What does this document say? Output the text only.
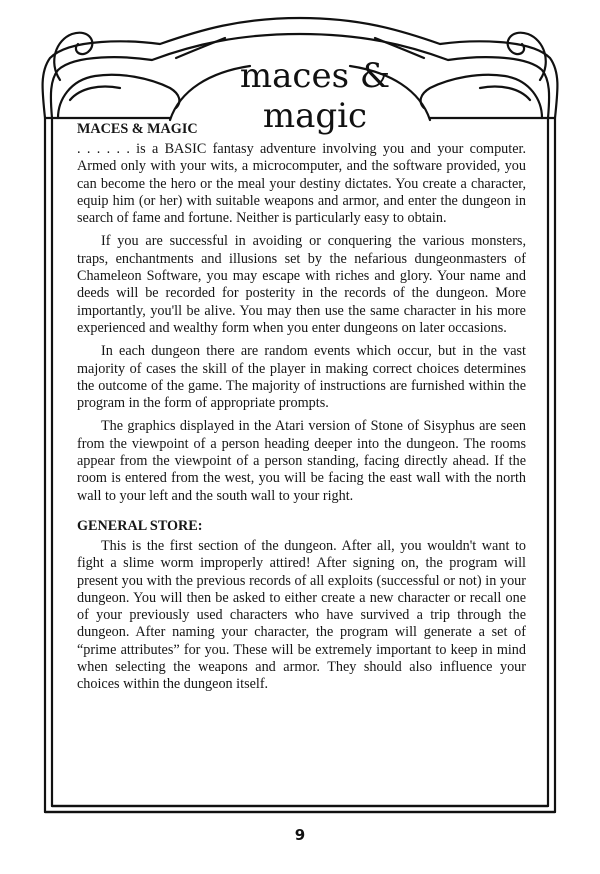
maces & magic
MACES & MAGIC

. . . . . . is a BASIC fantasy adventure involving you and your computer. Armed only with your wits, a microcomputer, and the software provided, you can become the hero or the meal your destiny dictates. You create a character, equip him (or her) with suitable weapons and armor, and enter the dungeon in search of fame and fortune. Neither is particularly easy to obtain.

If you are successful in avoiding or conquering the various monsters, traps, enchantments and illusions set by the nefarious dungeonmasters of Chameleon Software, you may escape with riches and glory. Your name and deeds will be recorded for posterity in the records of the dungeon. More importantly, you'll be alive. You may then use the same character in his more experienced and wealthy form when you enter dungeons on later occasions.

In each dungeon there are random events which occur, but in the vast majority of cases the skill of the player in making correct choices determines the outcome of the game. The majority of instructions are furnished within the program in the form of appropriate prompts.

The graphics displayed in the Atari version of Stone of Sisyphus are seen from the viewpoint of a person heading deeper into the dungeon. The rooms appear from the viewpoint of a person standing, facing directly ahead. If the room is entered from the west, you will be facing the east wall with the north wall to your left and the south wall to your right.

GENERAL STORE:

This is the first section of the dungeon. After all, you wouldn't want to fight a slime worm improperly attired! After signing on, the program will present you with the previous records of all exploits (successful or not) in your dungeon. You will then be asked to either create a new character or recall one of your previously used characters who have survived a trip through the dungeon. After naming your character, the program will generate a set of “prime attributes” for you. These will be extremely important to keep in mind when selecting the weapons and armor. They should also influence your choices within the dungeon itself.

9
